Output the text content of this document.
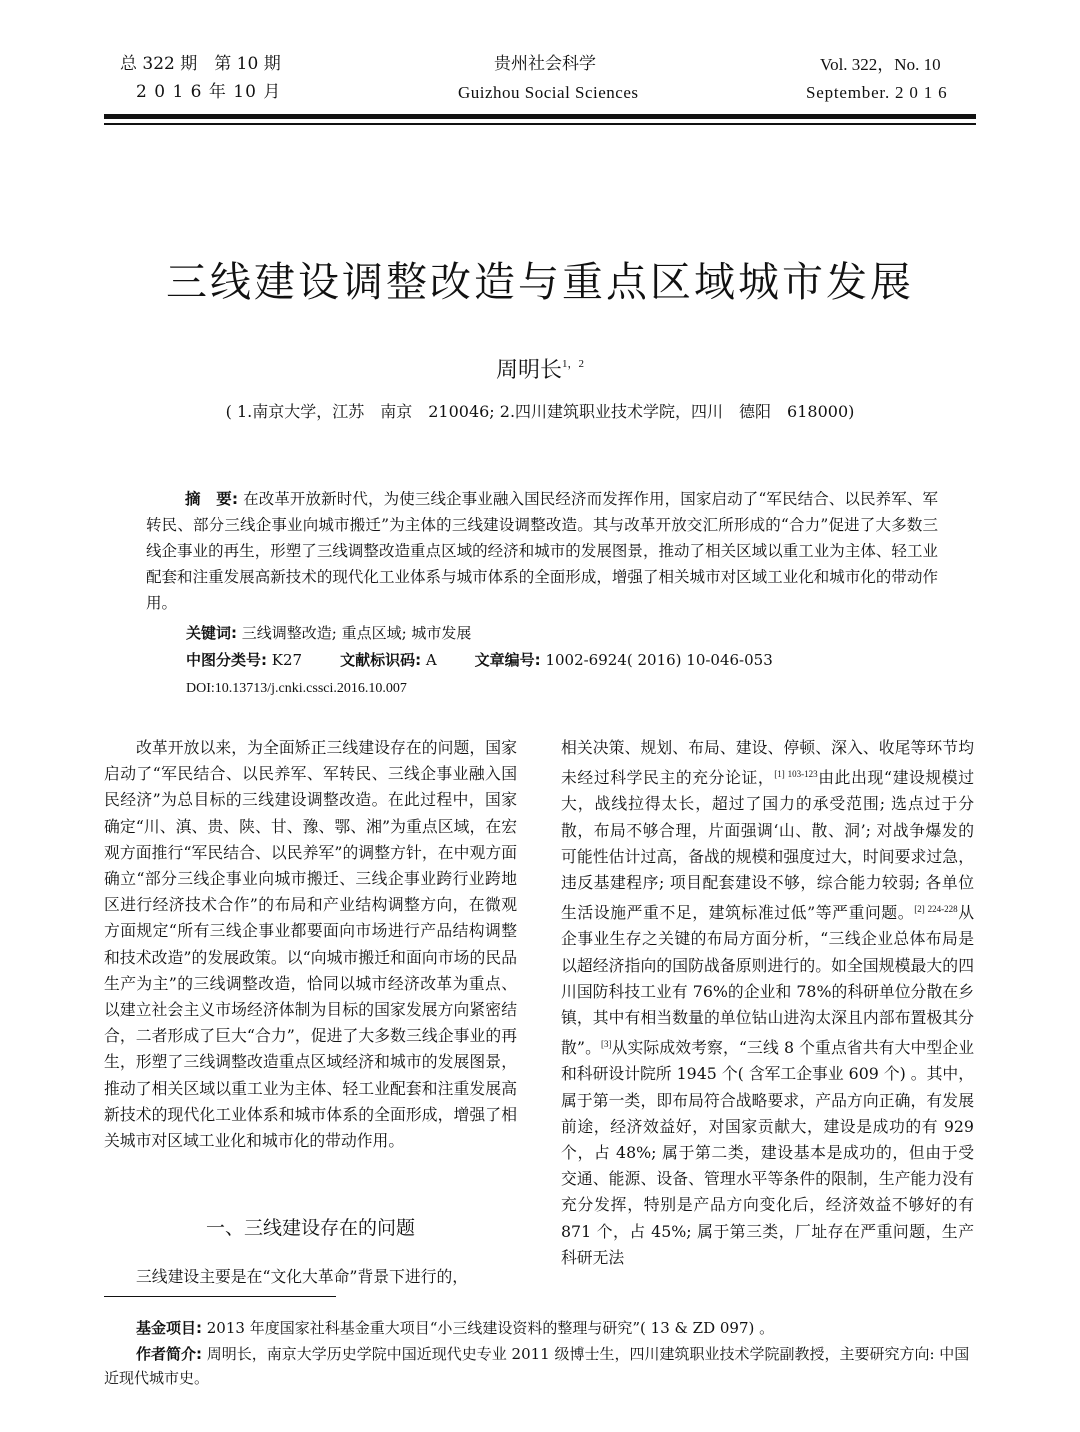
总 322 期　第 10 期
2 0 1 6 年 10 月
贵州社会科学
Guizhou Social Sciences
Vol. 322，No. 10
September. 2 0 1 6
三线建设调整改造与重点区域城市发展
周明长$^{1,2}$
( 1.南京大学，江苏　南京　210046; 2.四川建筑职业技术学院，四川　德阳　618000)
摘　要: 在改革开放新时代，为使三线企事业融入国民经济而发挥作用，国家启动了“军民结合、以民养军、军转民、部分三线企事业向城市搬迁”为主体的三线建设调整改造。其与改革开放交汇所形成的“合力”促进了大多数三线企事业的再生，形塑了三线调整改造重点区域的经济和城市的发展图景，推动了相关区域以重工业为主体、轻工业配套和注重发展高新技术的现代化工业体系与城市体系的全面形成，增强了相关城市对区域工业化和城市化的带动作用。
关键词: 三线调整改造; 重点区域; 城市发展
中图分类号: K27	文献标识码: A	文章编号: 1002-6924( 2016) 10-046-053
DOI:10.13713/j.cnki.cssci.2016.10.007
改革开放以来，为全面矫正三线建设存在的问题，国家启动了“军民结合、以民养军、军转民、三线企事业融入国民经济”为总目标的三线建设调整改造。在此过程中，国家确定“川、滇、贵、陕、甘、豫、鄂、湘”为重点区域，在宏观方面推行“军民结合、以民养军”的调整方针，在中观方面确立“部分三线企事业向城市搬迁、三线企事业跨行业跨地区进行经济技术合作”的布局和产业结构调整方向，在微观方面规定“所有三线企事业都要面向市场进行产品结构调整和技术改造”的发展政策。以“向城市搬迁和面向市场的民品生产为主”的三线调整改造，恰同以城市经济改革为重点、以建立社会主义市场经济体制为目标的国家发展方向紧密结合，二者形成了巨大“合力”，促进了大多数三线企事业的再生，形塑了三线调整改造重点区域经济和城市的发展图景，推动了相关区域以重工业为主体、轻工业配套和注重发展高新技术的现代化工业体系和城市体系的全面形成，增强了相关城市对区域工业化和城市化的带动作用。
一、三线建设存在的问题
三线建设主要是在“文化大革命”背景下进行的，
相关决策、规划、布局、建设、停顿、深入、收尾等环节均未经过科学民主的充分论证，$^{[1] 103-123}$由此出现“建设规模过大，战线拉得太长，超过了国力的承受范围; 选点过于分散，布局不够合理，片面强调‘山、散、洞’; 对战争爆发的可能性估计过高，备战的规模和强度过大，时间要求过急，违反基建程序; 项目配套建设不够，综合能力较弱; 各单位生活设施严重不足，建筑标准过低”等严重问题。$^{[2] 224-228}$从企事业生存之关键的布局方面分析，“三线企业总体布局是以超经济指向的国防战备原则进行的。如全国规模最大的四川国防科技工业有 76%的企业和 78%的科研单位分散在乡镇，其中有相当数量的单位钻山进沟太深且内部布置极其分散”。[3]从实际成效考察，“三线 8 个重点省共有大中型企业和科研设计院所 1945 个( 含军工企事业 609 个) 。其中，属于第一类，即布局符合战略要求，产品方向正确，有发展前途，经济效益好，对国家贡献大，建设是成功的有 929 个，占 48%; 属于第二类，建设基本是成功的，但由于受交通、能源、设备、管理水平等条件的限制，生产能力没有充分发挥，特别是产品方向变化后，经济效益不够好的有 871 个，占 45%; 属于第三类，厂址存在严重问题，生产科研无法
基金项目: 2013 年度国家社科基金重大项目“小三线建设资料的整理与研究”( 13 & ZD 097) 。
作者简介: 周明长，南京大学历史学院中国近现代史专业 2011 级博士生，四川建筑职业技术学院副教授，主要研究方向: 中国近现代城市史。
